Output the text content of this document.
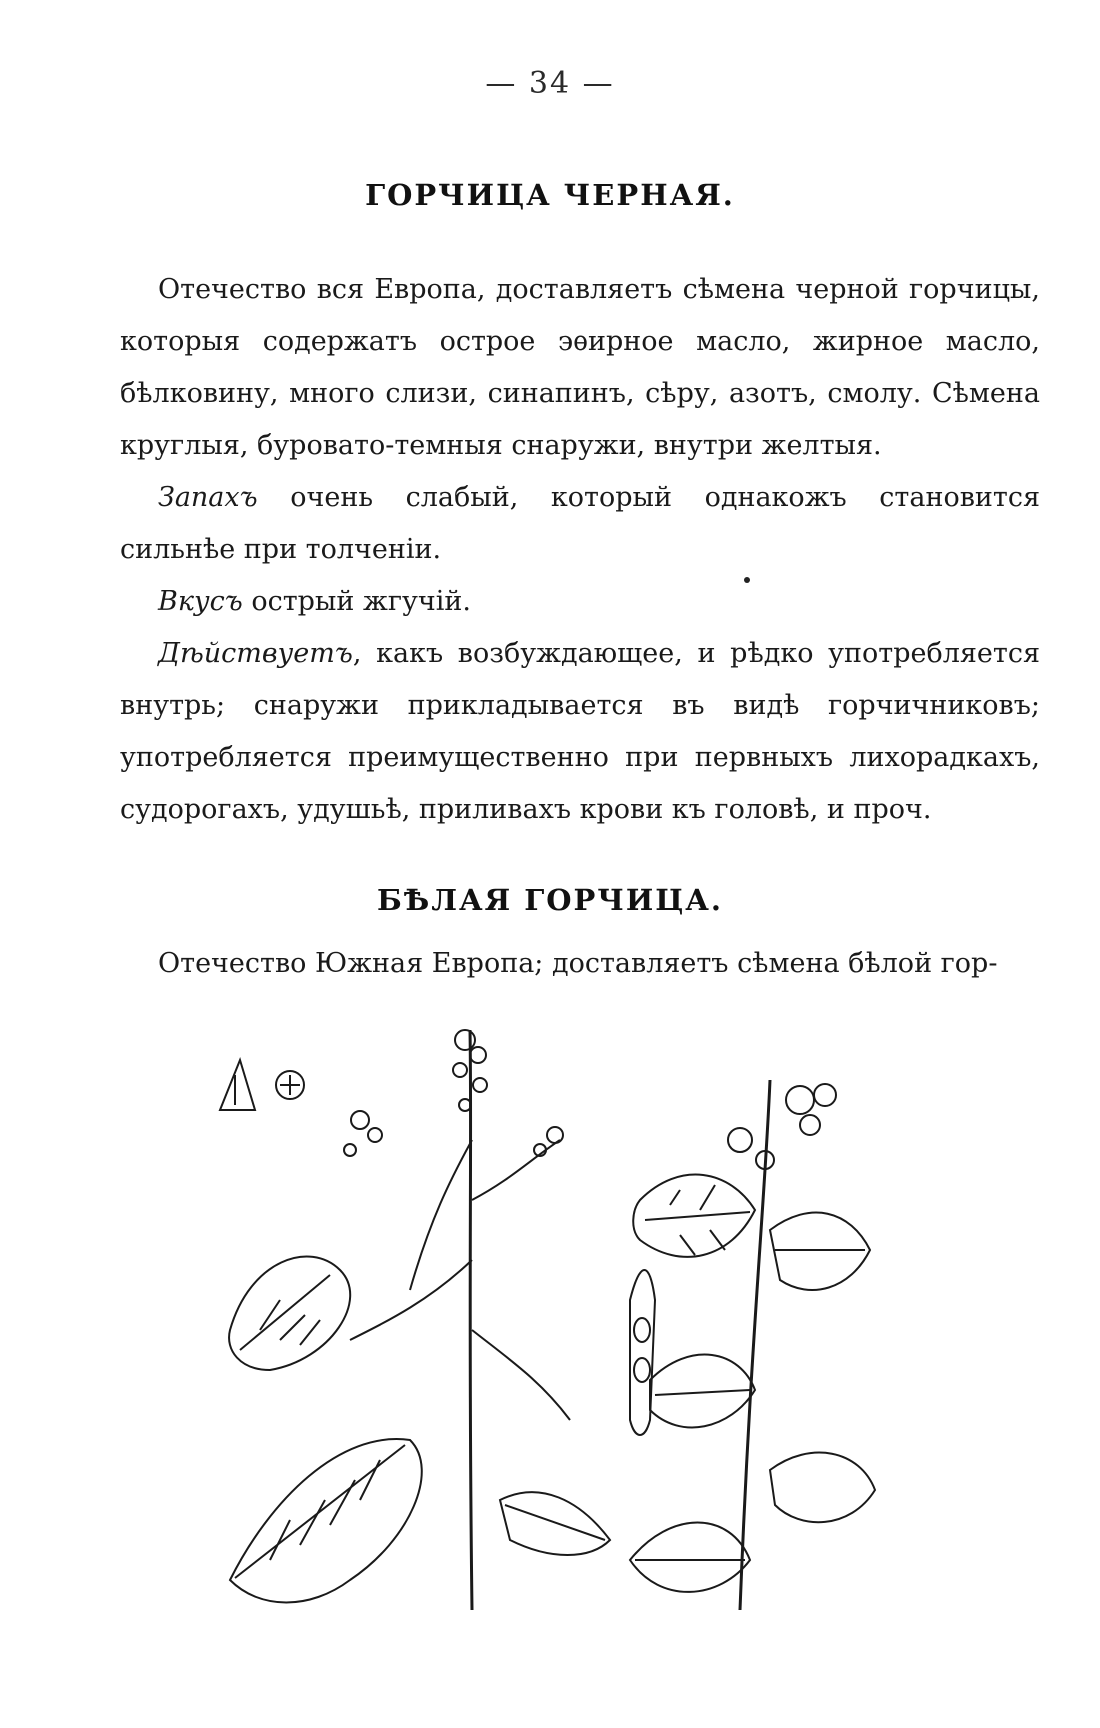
— 34 —
ГОРЧИЦА ЧЕРНАЯ.

Отечество вся Европа, доставляетъ сѣмена черной горчицы, которыя содержатъ острое эѳирное масло, жирное масло, бѣлковину, много слизи, синапинъ, сѣру, азотъ, смолу. Сѣмена круглыя, буровато-темныя снаружи, внутри желтыя.

Запахъ очень слабый, который однакожъ становится сильнѣе при толченіи.

Вкусъ острый жгучій.

Дѣйствуетъ, какъ возбуждающее, и рѣдко употребляется внутрь; снаружи прикладывается въ видѣ горчичниковъ; употребляется преимущественно при первныхъ лихорадкахъ, судорогахъ, удушьѣ, приливахъ крови къ головѣ, и проч.

БѢЛАЯ ГОРЧИЦА.

Отечество Южная Европа; доставляетъ сѣмена бѣлой гор-
